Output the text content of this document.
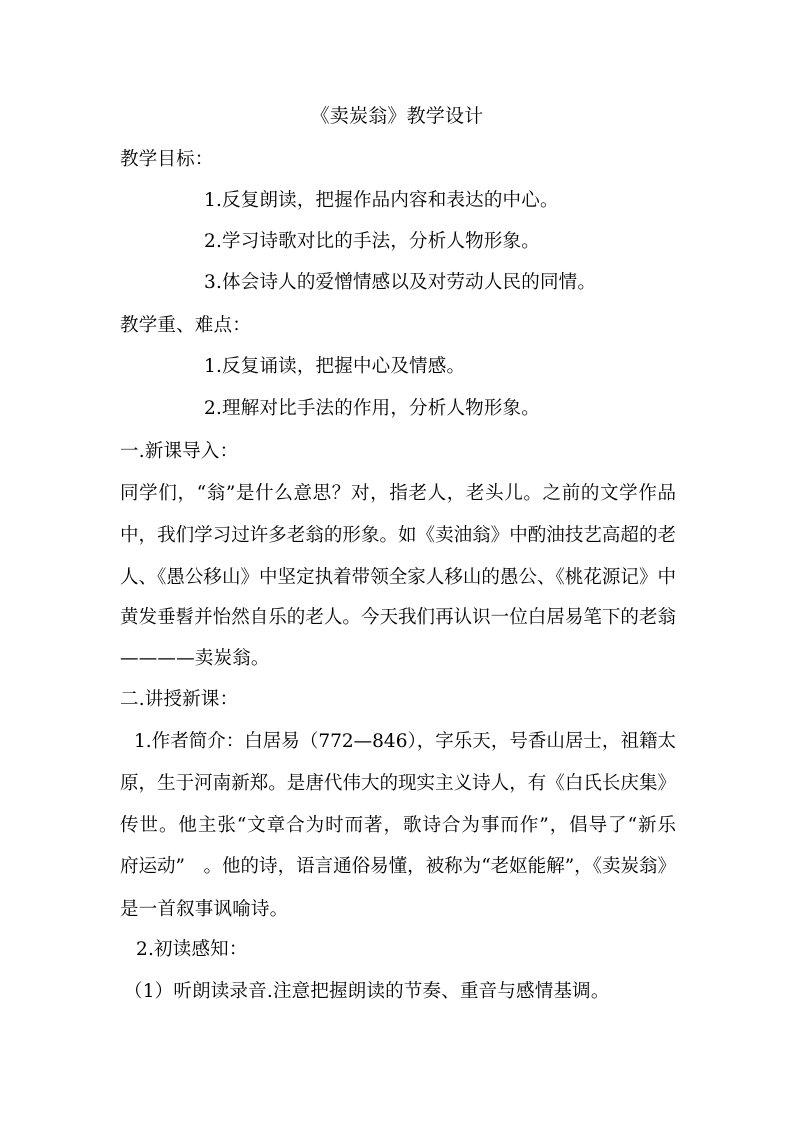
《卖炭翁》教学设计
教学目标：
1.反复朗读，把握作品内容和表达的中心。
2.学习诗歌对比的手法，分析人物形象。
3.体会诗人的爱憎情感以及对劳动人民的同情。
教学重、难点：
1.反复诵读，把握中心及情感。
2.理解对比手法的作用，分析人物形象。
一.新课导入：
同学们，“翁”是什么意思？对，指老人，老头儿。之前的文学作品
中，我们学习过许多老翁的形象。如《卖油翁》中酌油技艺高超的老
人、《愚公移山》中坚定执着带领全家人移山的愚公、《桃花源记》中
黄发垂髫并怡然自乐的老人。今天我们再认识一位白居易笔下的老翁
————卖炭翁。
二.讲授新课：
1.作者简介：白居易（772—846），字乐天，号香山居士，祖籍太
原，生于河南新郑。是唐代伟大的现实主义诗人，有《白氏长庆集》
传世。他主张“文章合为时而著，歌诗合为事而作”，倡导了“新乐
府运动”　。他的诗，语言通俗易懂，被称为“老妪能解”，《卖炭翁》
是一首叙事讽喻诗。
2.初读感知：
（1）听朗读录音.注意把握朗读的节奏、重音与感情基调。
